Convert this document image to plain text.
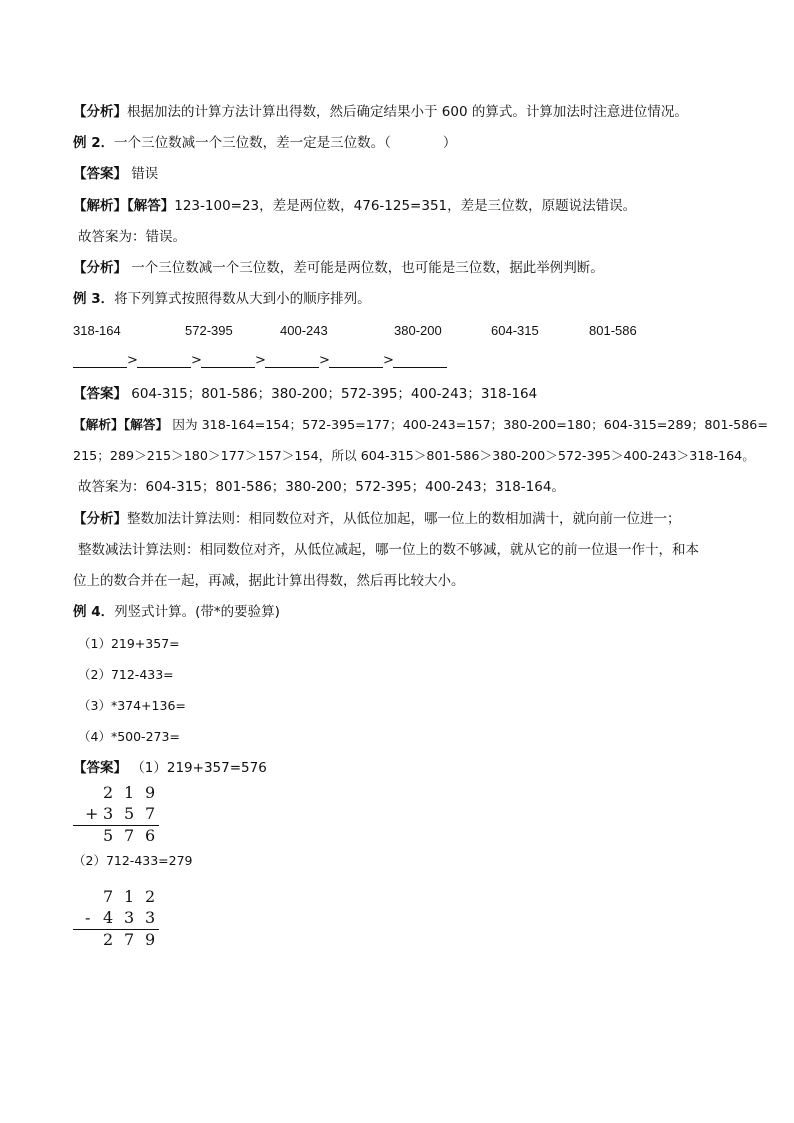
【分析】根据加法的计算方法计算出得数，然后确定结果小于 600 的算式。计算加法时注意进位情况。
例 2．一个三位数减一个三位数，差一定是三位数。（	）
【答案】 错误
【解析】【解答】123-100=23，差是两位数，476-125=351，差是三位数，原题说法错误。
故答案为：错误。
【分析】 一个三位数减一个三位数，差可能是两位数，也可能是三位数，据此举例判断。
例 3．将下列算式按照得数从大到小的顺序排列。
318-164	572-395	400-243	380-200	604-315	801-586
>	>	>	>	>
【答案】 604-315；801-586；380-200；572-395；400-243；318-164
【解析】【解答】 因为 318-164=154；572-395=177；400-243=157；380-200=180；604-315=289；801-586=
215；289＞215＞180＞177＞157＞154，所以 604-315＞801-586＞380-200＞572-395＞400-243＞318-164。
故答案为：604-315；801-586；380-200；572-395；400-243；318-164。
【分析】整数加法计算法则：相同数位对齐，从低位加起，哪一位上的数相加满十，就向前一位进一；
整数减法计算法则：相同数位对齐，从低位减起，哪一位上的数不够减，就从它的前一位退一作十，和本
位上的数合并在一起，再减，据此计算出得数，然后再比较大小。
例 4．列竖式计算。(带*的要验算)
（1）219+357=
（2）712-433=
（3）*374+136=
（4）*500-273=
【答案】 （1）219+357=576
2 1 9
+ 3 5 7
5 7 6
（2）712-433=279
7 1 2
- 4 3 3
2 7 9
